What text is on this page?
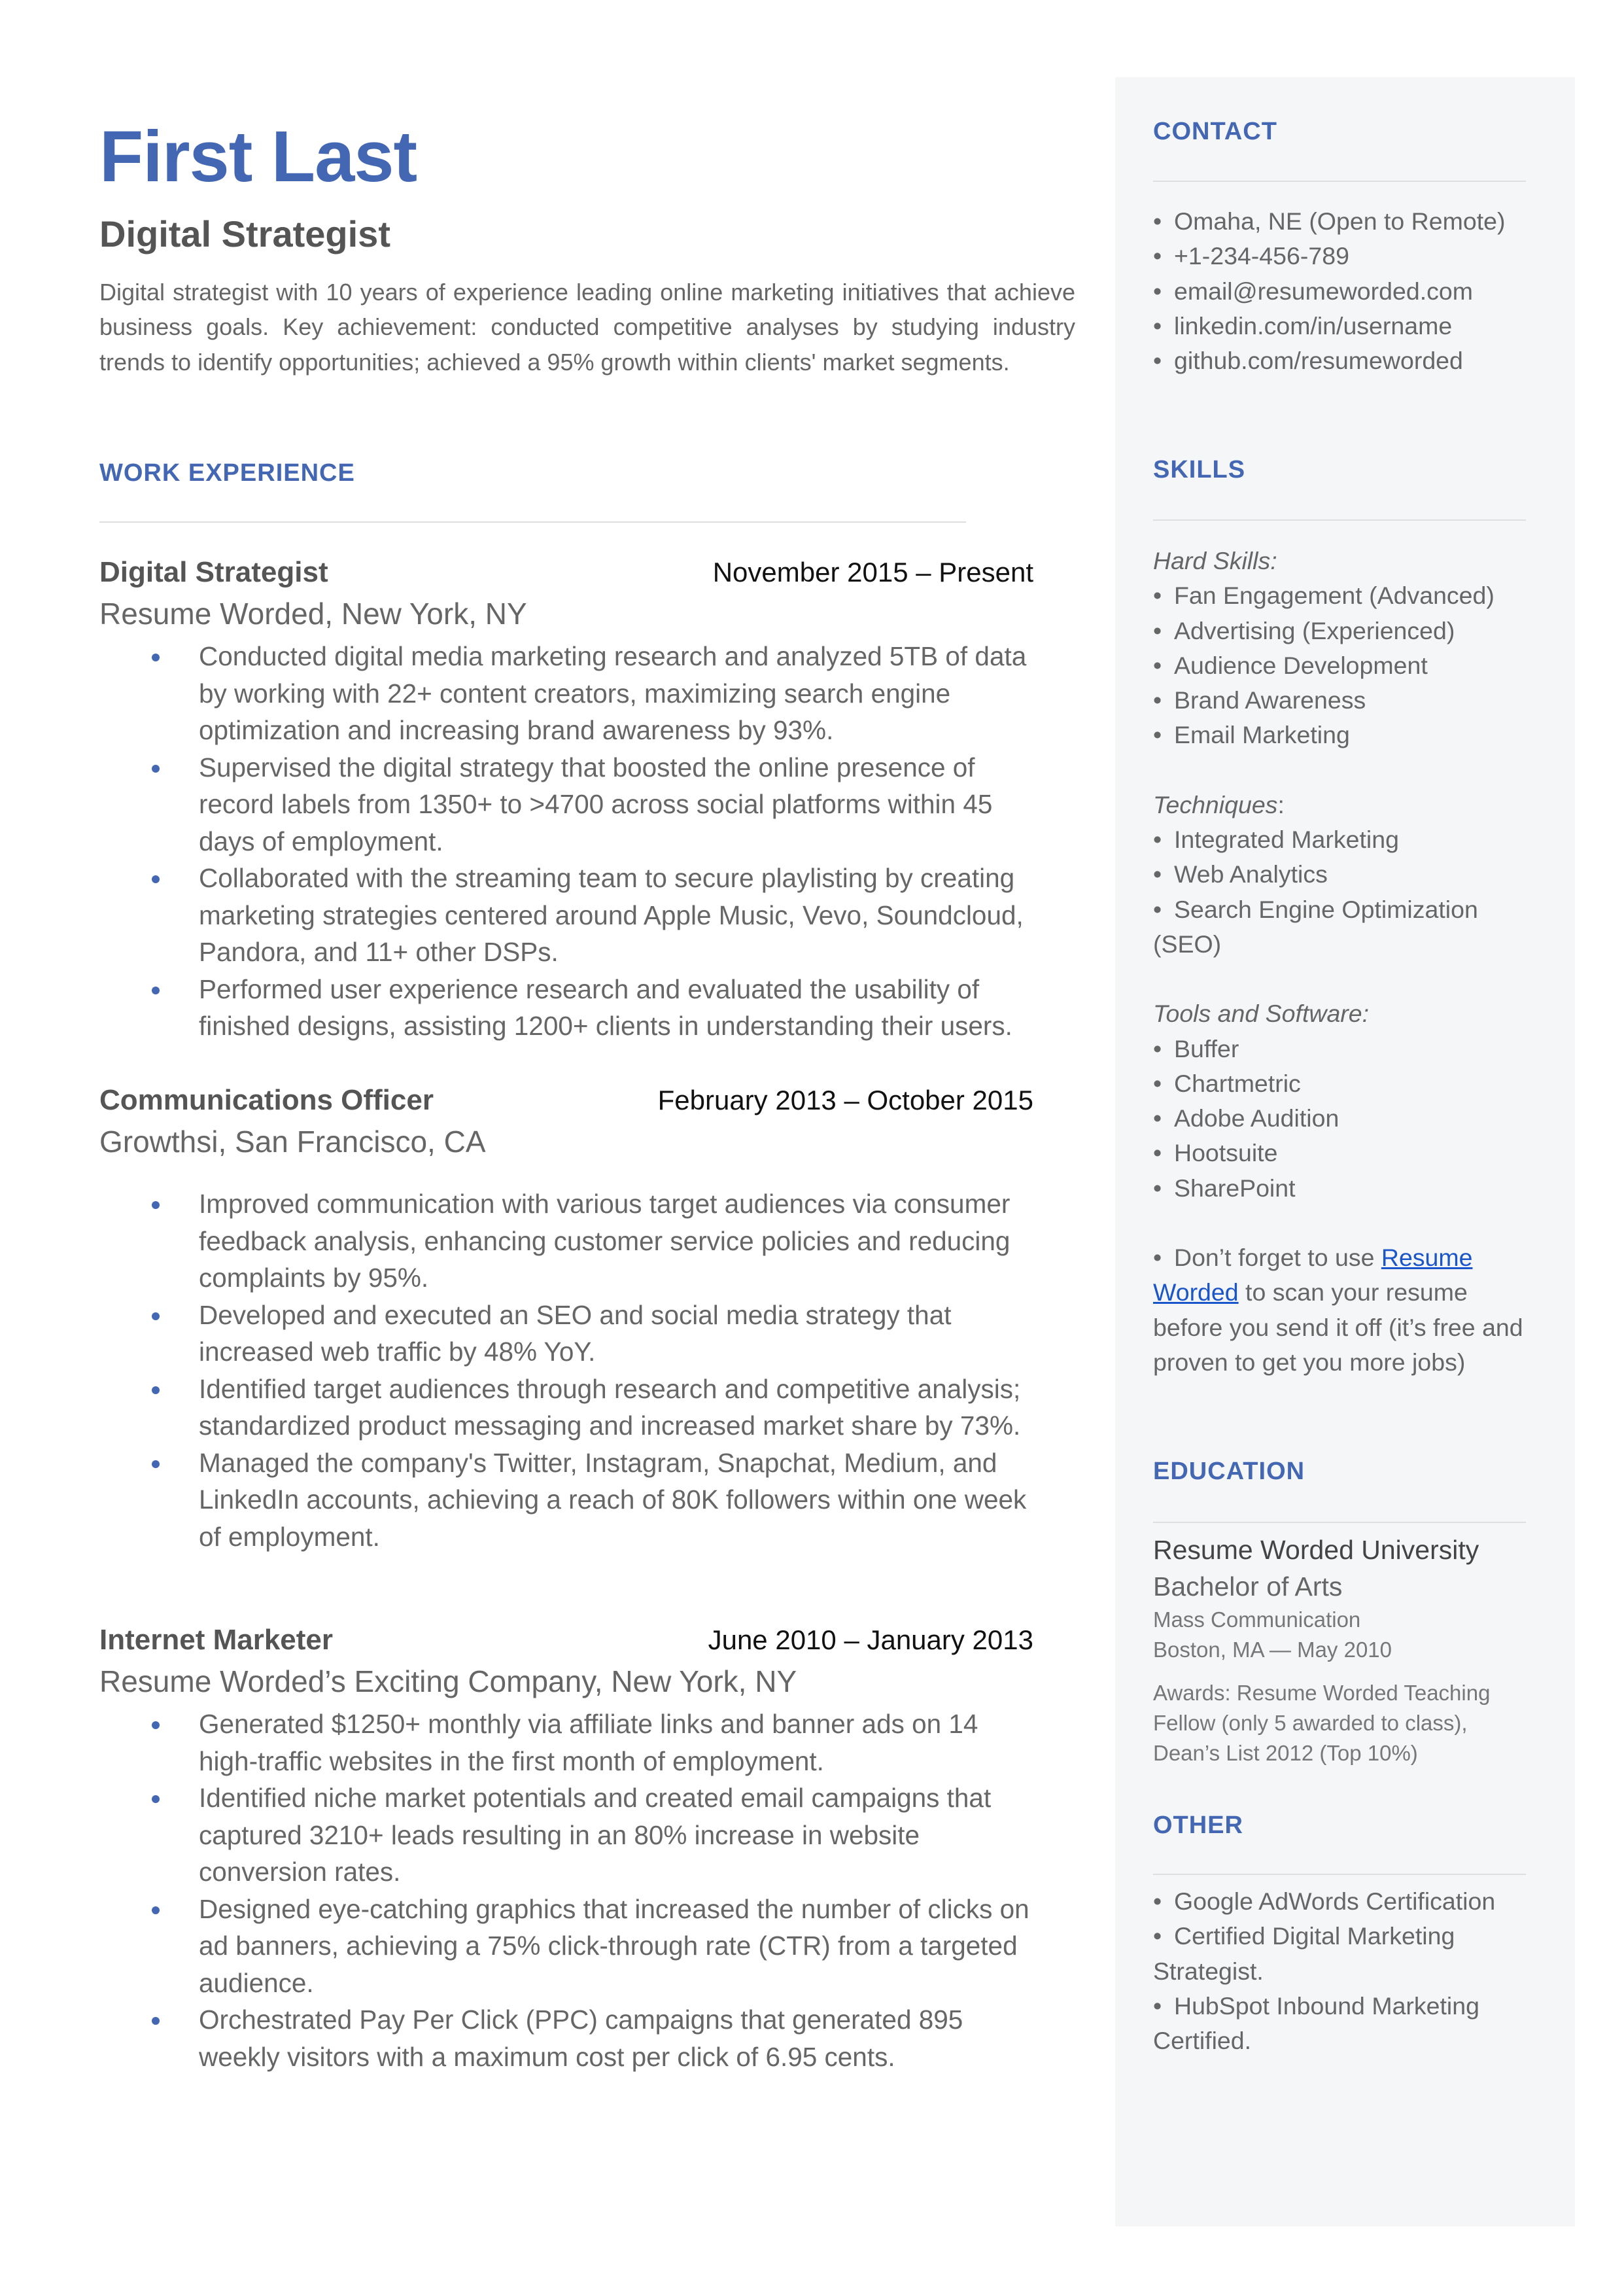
First Last
Digital Strategist

Digital strategist with 10 years of experience leading online marketing initiatives that achieve business goals. Key achievement: conducted competitive analyses by studying industry trends to identify opportunities; achieved a 95% growth within clients' market segments.

WORK EXPERIENCE
Digital Strategist	November 2015 – Present
Resume Worded, New York, NY
Conducted digital media marketing research and analyzed 5TB of data by working with 22+ content creators, maximizing search engine optimization and increasing brand awareness by 93%.
Supervised the digital strategy that boosted the online presence of record labels from 1350+ to >4700 across social platforms within 45 days of employment.
Collaborated with the streaming team to secure playlisting by creating marketing strategies centered around Apple Music, Vevo, Soundcloud, Pandora, and 11+ other DSPs.
Performed user experience research and evaluated the usability of finished designs, assisting 1200+ clients in understanding their users.
Communications Officer	February 2013 – October 2015
Growthsi, San Francisco, CA
Improved communication with various target audiences via consumer feedback analysis, enhancing customer service policies and reducing complaints by 95%.
Developed and executed an SEO and social media strategy that increased web traffic by 48% YoY.
Identified target audiences through research and competitive analysis; standardized product messaging and increased market share by 73%.
Managed the company's Twitter, Instagram, Snapchat, Medium, and LinkedIn accounts, achieving a reach of 80K followers within one week of employment.
Internet Marketer	June 2010 – January 2013
Resume Worded’s Exciting Company, New York, NY
Generated $1250+ monthly via affiliate links and banner ads on 14 high-traffic websites in the first month of employment.
Identified niche market potentials and created email campaigns that captured 3210+ leads resulting in an 80% increase in website conversion rates.
Designed eye-catching graphics that increased the number of clicks on ad banners, achieving a 75% click-through rate (CTR) from a targeted audience.
Orchestrated Pay Per Click (PPC) campaigns that generated 895 weekly visitors with a maximum cost per click of 6.95 cents.
CONTACT
• Omaha, NE (Open to Remote)
• +1-234-456-789
• email@resumeworded.com
• linkedin.com/in/username
• github.com/resumeworded
SKILLS
Hard Skills:
• Fan Engagement (Advanced)
• Advertising (Experienced)
• Audience Development
• Brand Awareness
• Email Marketing
Techniques:
• Integrated Marketing
• Web Analytics
• Search Engine Optimization (SEO)
Tools and Software:
• Buffer
• Chartmetric
• Adobe Audition
• Hootsuite
• SharePoint
• Don’t forget to use Resume Worded to scan your resume before you send it off (it’s free and proven to get you more jobs)
EDUCATION
Resume Worded University
Bachelor of Arts
Mass Communication
Boston, MA — May 2010
Awards: Resume Worded Teaching Fellow (only 5 awarded to class), Dean’s List 2012 (Top 10%)
OTHER
• Google AdWords Certification
• Certified Digital Marketing Strategist.
• HubSpot Inbound Marketing Certified.
